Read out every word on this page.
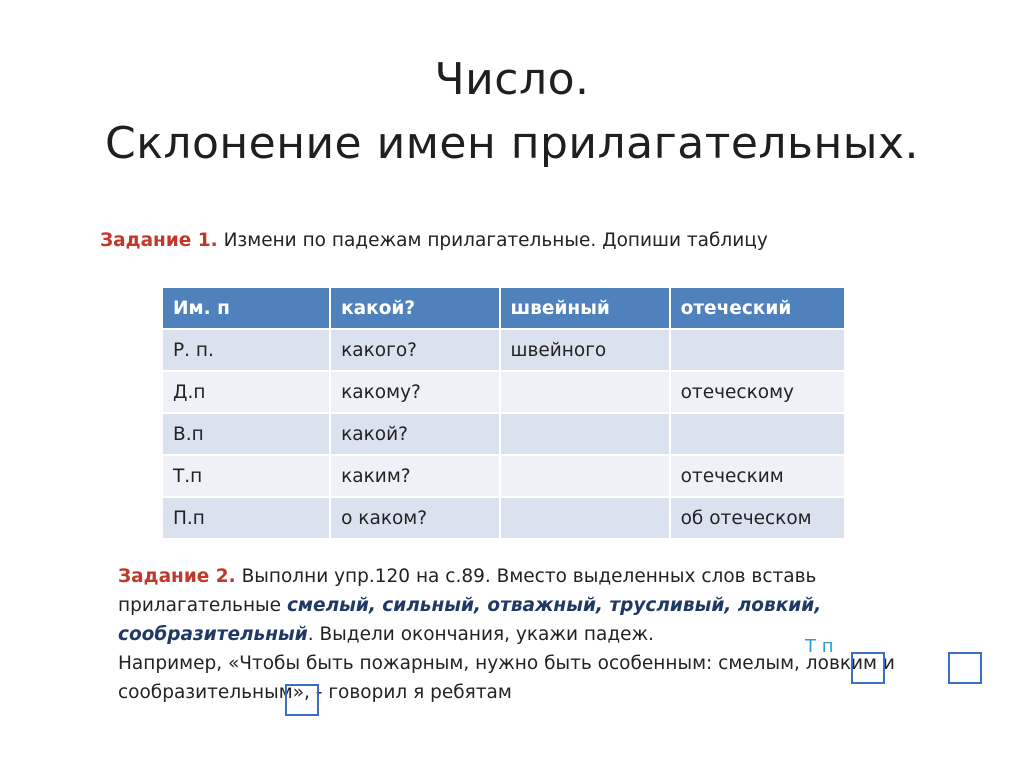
Число.
Склонение имен прилагательных.
Задание 1. Измени по падежам прилагательные. Допиши таблицу
Им. п	какой?	швейный	отеческий
Р. п.	какого?	швейного	
Д.п	какому?		отеческому
В.п	какой?		
Т.п	каким?		отеческим
П.п	о каком?		об отеческом
Задание 2. Выполни упр.120 на с.89. Вместо выделенных слов вставь
прилагательные смелый, сильный, отважный, трусливый, ловкий,
сообразительный. Выдели окончания, укажи падеж.
Например, «Чтобы быть пожарным, нужно быть особенным: смелым, ловким и
сообразительным», - говорил я ребятам
Т п
